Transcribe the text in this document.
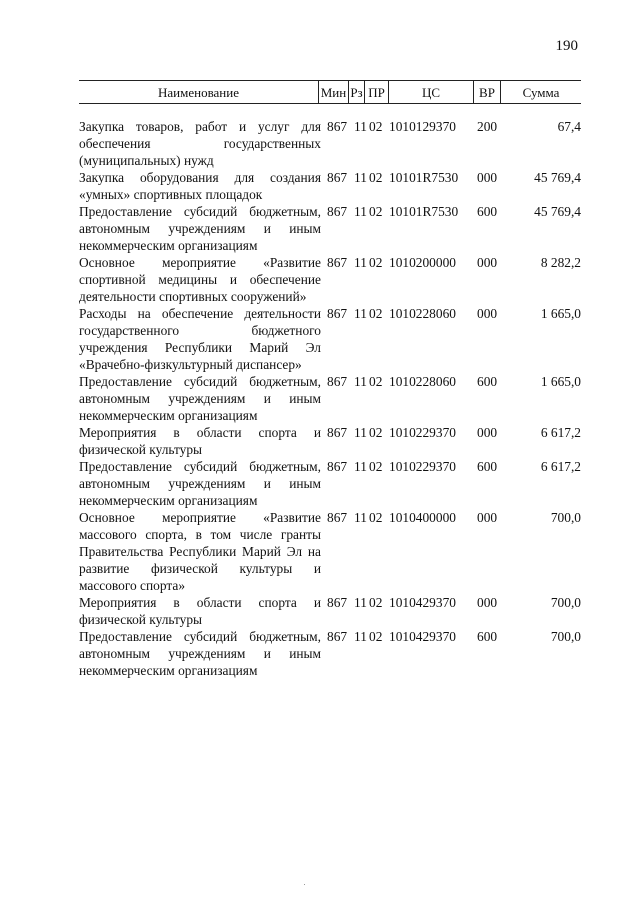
190
Наименование	Мин Рз ПР	ЦС	ВР	Сумма
Закупка товаров, работ и услуг для обеспечения государственных (муниципальных) нужд
867 11 02 1010129370	200	67,4
Закупка оборудования для создания «умных» спортивных площадок
867 11 02 10101R7530	000	45 769,4
Предоставление субсидий бюджетным, автономным учреждениям и иным некоммерческим организациям
867 11 02 10101R7530	600	45 769,4
Основное мероприятие «Развитие спортивной медицины и обеспечение деятельности спортивных сооружений»
867 11 02 1010200000	000	8 282,2
Расходы на обеспечение деятельности государственного бюджетного учреждения Республики Марий Эл «Врачебно-физкультурный диспансер»
867 11 02 1010228060	000	1 665,0
Предоставление субсидий бюджетным, автономным учреждениям и иным некоммерческим организациям
867 11 02 1010228060	600	1 665,0
Мероприятия в области спорта и физической культуры
867 11 02 1010229370	000	6 617,2
Предоставление субсидий бюджетным, автономным учреждениям и иным некоммерческим организациям
867 11 02 1010229370	600	6 617,2
Основное мероприятие «Развитие массового спорта, в том числе гранты Правительства Республики Марий Эл на развитие физической культуры и массового спорта»
867 11 02 1010400000	000	700,0
Мероприятия в области спорта и физической культуры
867 11 02 1010429370	000	700,0
Предоставление субсидий бюджетным, автономным учреждениям и иным некоммерческим организациям
867 11 02 1010429370	600	700,0
